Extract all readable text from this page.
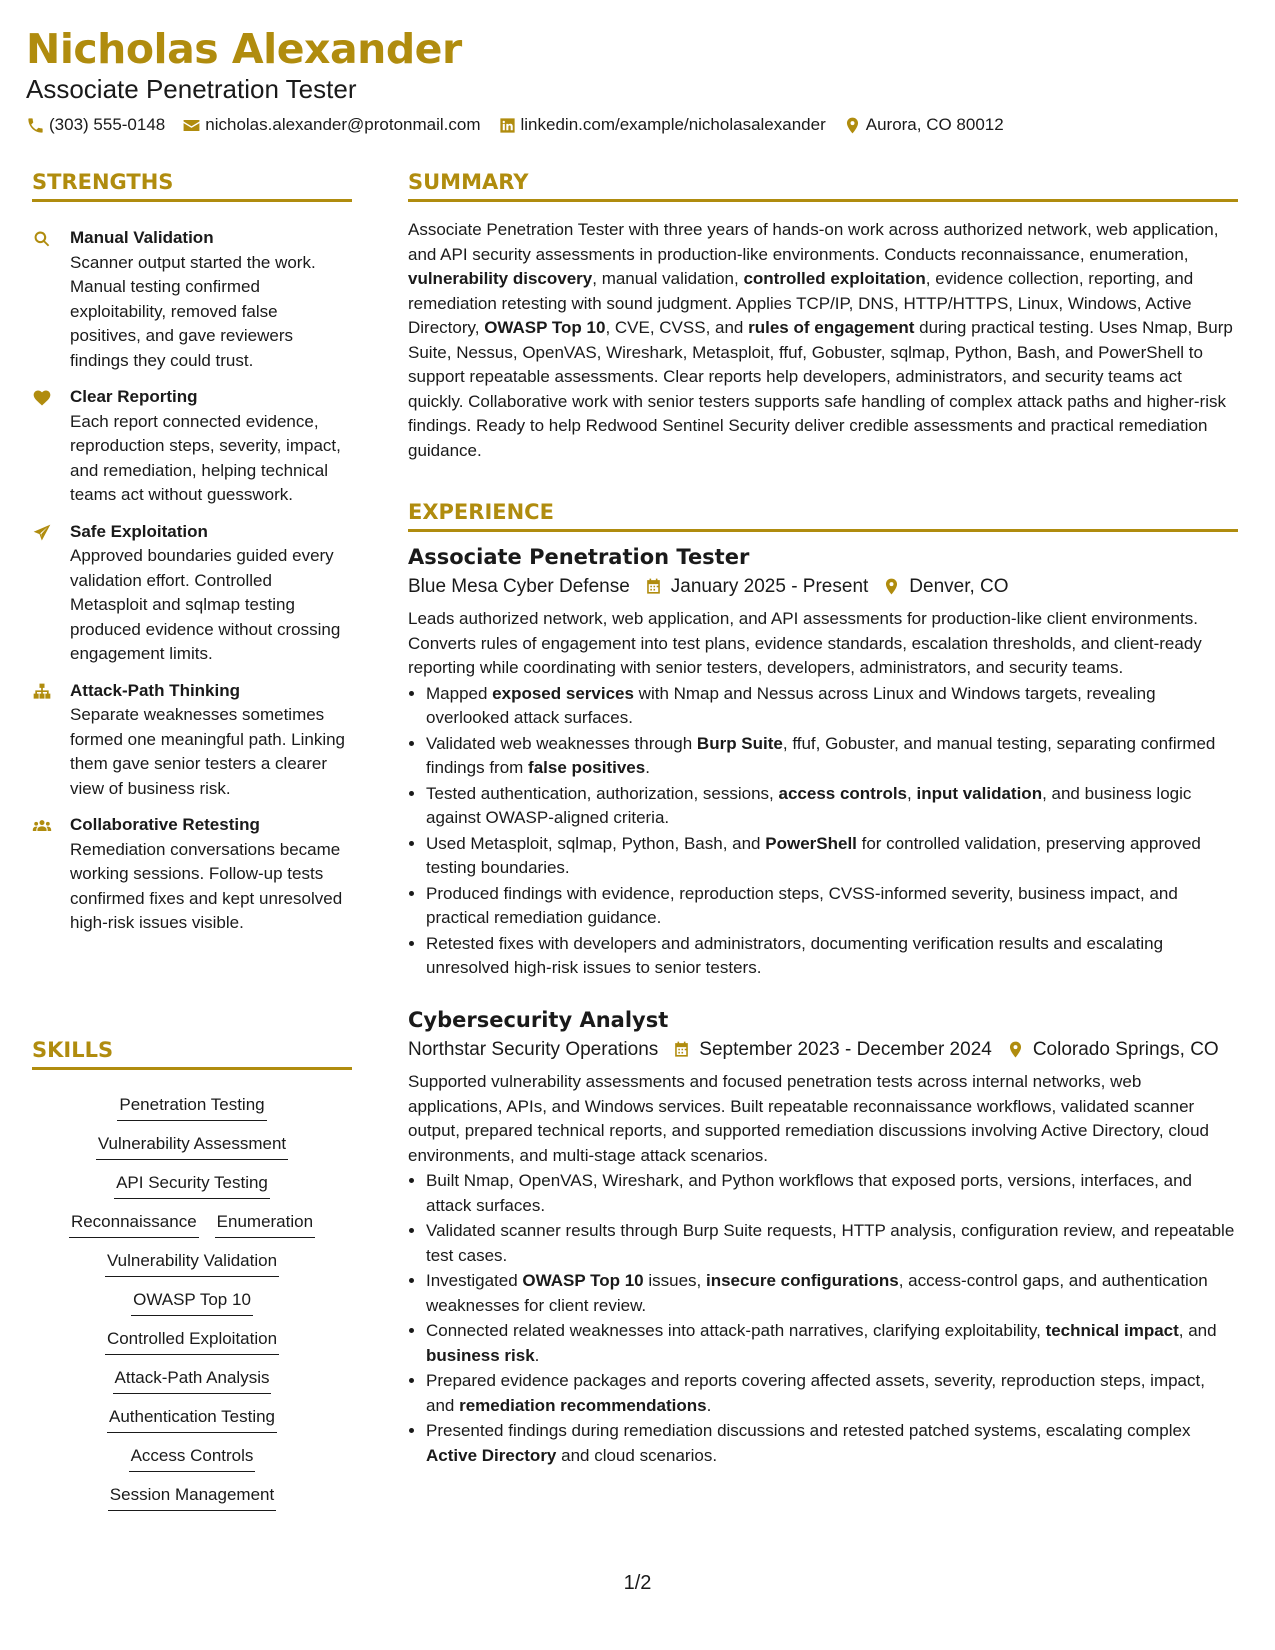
Nicholas Alexander
Associate Penetration Tester
(303) 555-0148 nicholas.alexander@protonmail.com linkedin.com/example/nicholasalexander Aurora, CO 80012
STRENGTHS
Manual Validation
Scanner output started the work. Manual testing confirmed exploitability, removed false positives, and gave reviewers findings they could trust.
Clear Reporting
Each report connected evidence, reproduction steps, severity, impact, and remediation, helping technical teams act without guesswork.
Safe Exploitation
Approved boundaries guided every validation effort. Controlled Metasploit and sqlmap testing produced evidence without crossing engagement limits.
Attack-Path Thinking
Separate weaknesses sometimes formed one meaningful path. Linking them gave senior testers a clearer view of business risk.
Collaborative Retesting
Remediation conversations became working sessions. Follow-up tests confirmed fixes and kept unresolved high-risk issues visible.
SKILLS
Penetration Testing
Vulnerability Assessment
API Security Testing
Reconnaissance Enumeration
Vulnerability Validation
OWASP Top 10
Controlled Exploitation
Attack-Path Analysis
Authentication Testing
Access Controls
Session Management
SUMMARY
Associate Penetration Tester with three years of hands-on work across authorized network, web application, and API security assessments in production-like environments. Conducts reconnaissance, enumeration, vulnerability discovery, manual validation, controlled exploitation, evidence collection, reporting, and remediation retesting with sound judgment. Applies TCP/IP, DNS, HTTP/HTTPS, Linux, Windows, Active Directory, OWASP Top 10, CVE, CVSS, and rules of engagement during practical testing. Uses Nmap, Burp Suite, Nessus, OpenVAS, Wireshark, Metasploit, ffuf, Gobuster, sqlmap, Python, Bash, and PowerShell to support repeatable assessments. Clear reports help developers, administrators, and security teams act quickly. Collaborative work with senior testers supports safe handling of complex attack paths and higher-risk findings. Ready to help Redwood Sentinel Security deliver credible assessments and practical remediation guidance.
EXPERIENCE
Associate Penetration Tester
Blue Mesa Cyber Defense January 2025 - Present Denver, CO
Leads authorized network, web application, and API assessments for production-like client environments. Converts rules of engagement into test plans, evidence standards, escalation thresholds, and client-ready reporting while coordinating with senior testers, developers, administrators, and security teams.
• Mapped exposed services with Nmap and Nessus across Linux and Windows targets, revealing overlooked attack surfaces.
• Validated web weaknesses through Burp Suite, ffuf, Gobuster, and manual testing, separating confirmed findings from false positives.
• Tested authentication, authorization, sessions, access controls, input validation, and business logic against OWASP-aligned criteria.
• Used Metasploit, sqlmap, Python, Bash, and PowerShell for controlled validation, preserving approved testing boundaries.
• Produced findings with evidence, reproduction steps, CVSS-informed severity, business impact, and practical remediation guidance.
• Retested fixes with developers and administrators, documenting verification results and escalating unresolved high-risk issues to senior testers.
Cybersecurity Analyst
Northstar Security Operations September 2023 - December 2024 Colorado Springs, CO
Supported vulnerability assessments and focused penetration tests across internal networks, web applications, APIs, and Windows services. Built repeatable reconnaissance workflows, validated scanner output, prepared technical reports, and supported remediation discussions involving Active Directory, cloud environments, and multi-stage attack scenarios.
• Built Nmap, OpenVAS, Wireshark, and Python workflows that exposed ports, versions, interfaces, and attack surfaces.
• Validated scanner results through Burp Suite requests, HTTP analysis, configuration review, and repeatable test cases.
• Investigated OWASP Top 10 issues, insecure configurations, access-control gaps, and authentication weaknesses for client review.
• Connected related weaknesses into attack-path narratives, clarifying exploitability, technical impact, and business risk.
• Prepared evidence packages and reports covering affected assets, severity, reproduction steps, impact, and remediation recommendations.
• Presented findings during remediation discussions and retested patched systems, escalating complex Active Directory and cloud scenarios.
1/2
